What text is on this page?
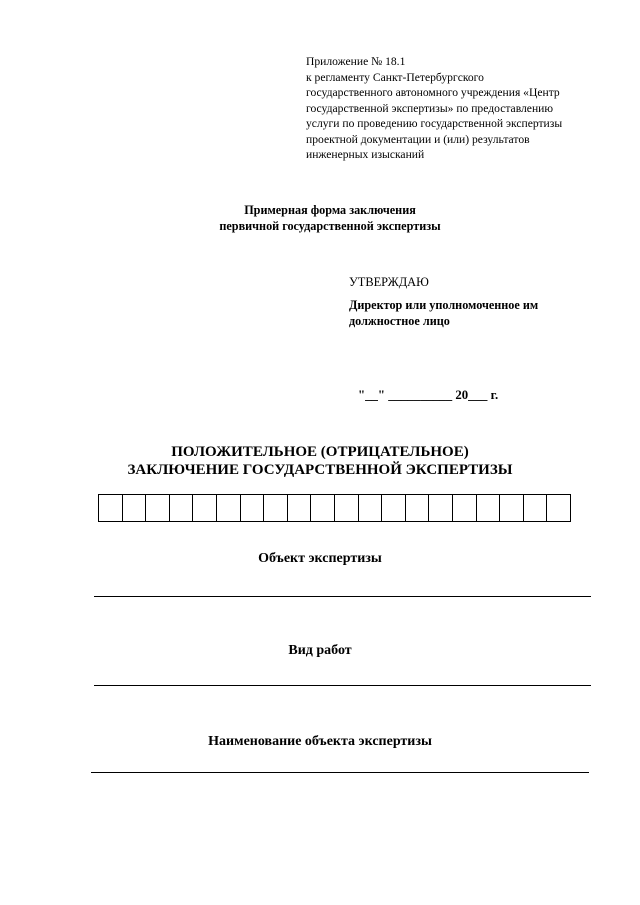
Приложение № 18.1
к регламенту Санкт-Петербургского
государственного автономного учреждения «Центр
государственной экспертизы» по предоставлению
услуги по проведению государственной экспертизы
проектной документации и (или) результатов
инженерных изысканий
Примерная форма заключения
первичной государственной экспертизы
УТВЕРЖДАЮ
Директор или уполномоченное им
должностное лицо
"__" __________ 20___ г.
ПОЛОЖИТЕЛЬНОЕ (ОТРИЦАТЕЛЬНОЕ)
ЗАКЛЮЧЕНИЕ ГОСУДАРСТВЕННОЙ ЭКСПЕРТИЗЫ
Объект экспертизы
Вид работ
Наименование объекта экспертизы
